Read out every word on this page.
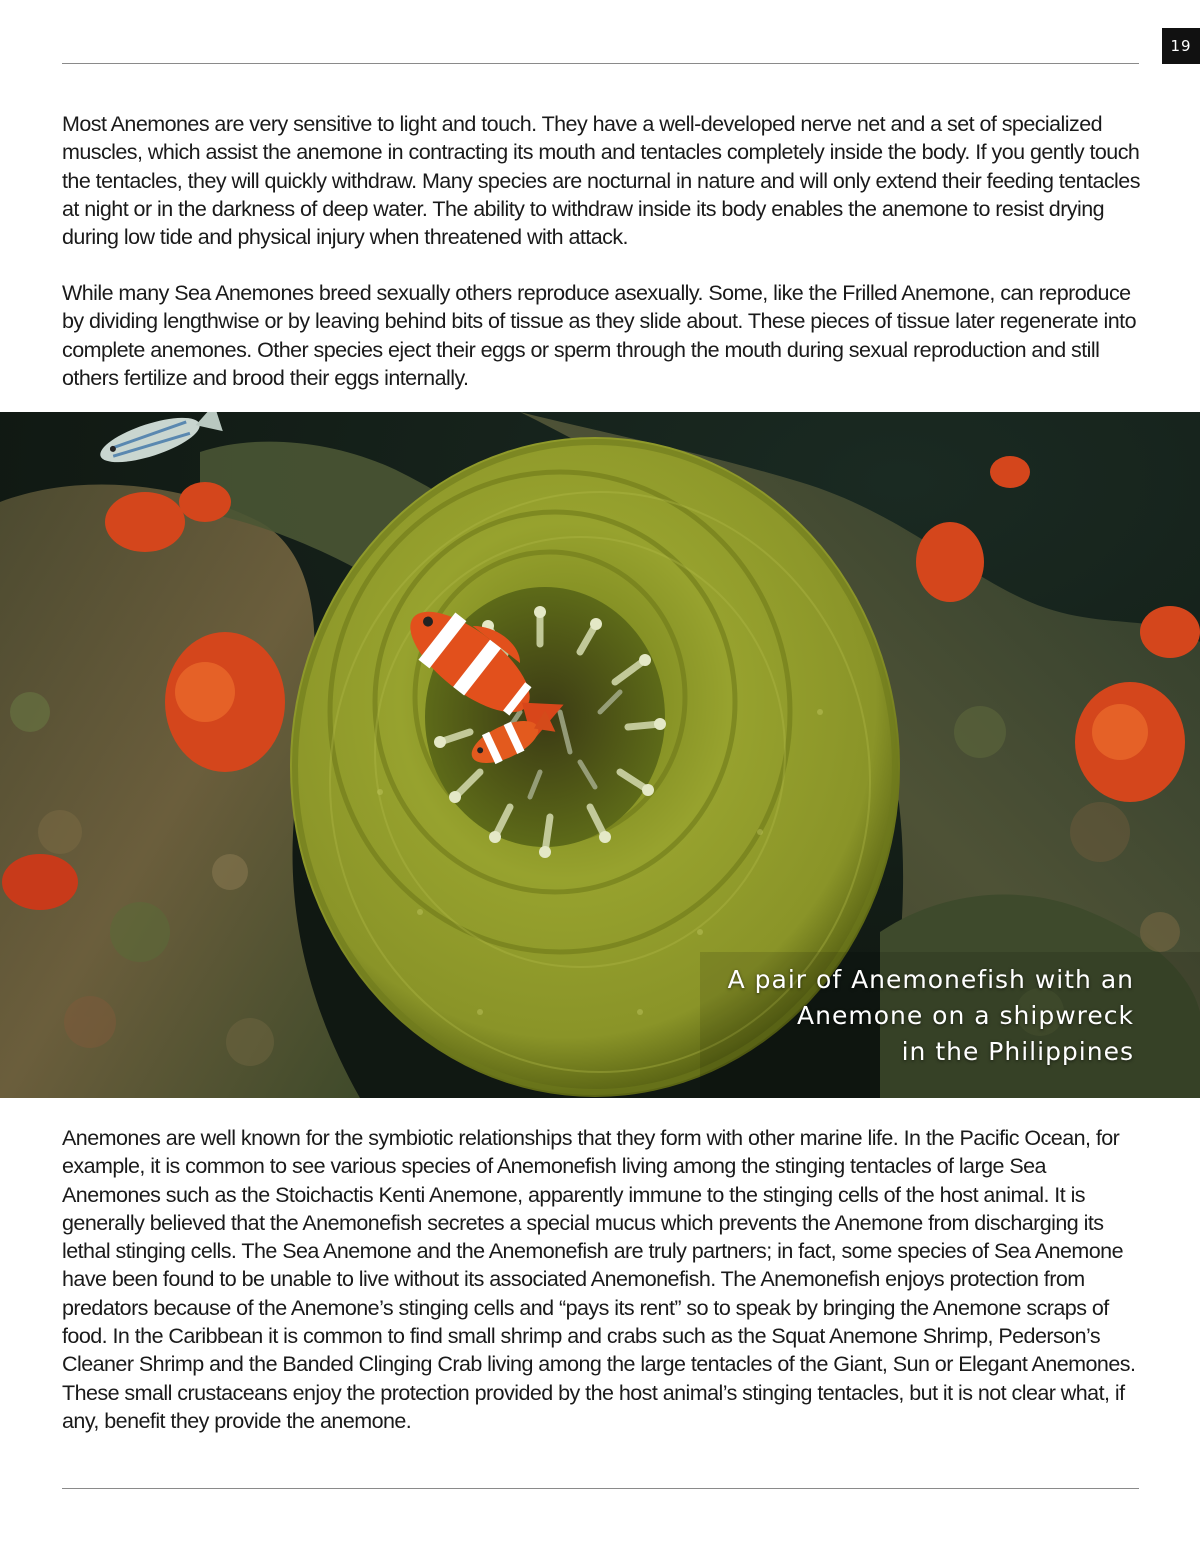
19

Most Anemones are very sensitive to light and touch. They have a well-developed nerve net and a set of specialized muscles, which assist the anemone in contracting its mouth and tentacles completely inside the body. If you gently touch the tentacles, they will quickly withdraw. Many species are nocturnal in nature and will only extend their feeding tentacles at night or in the darkness of deep water. The ability to withdraw inside its body enables the anemone to resist drying during low tide and physical injury when threatened with attack.

While many Sea Anemones breed sexually others reproduce asexually. Some, like the Frilled Anemone, can reproduce by dividing lengthwise or by leaving behind bits of tissue as they slide about. These pieces of tissue later regenerate into complete anemones. Other species eject their eggs or sperm through the mouth during sexual reproduction and still others fertilize and brood their eggs internally.

A pair of Anemonefish with an
Anemone on a shipwreck
in the Philippines

Anemones are well known for the symbiotic relationships that they form with other marine life. In the Pacific Ocean, for example, it is common to see various species of Anemonefish living among the stinging tentacles of large Sea Anemones such as the Stoichactis Kenti Anemone, apparently immune to the stinging cells of the host animal. It is generally believed that the Anemonefish secretes a special mucus which prevents the Anemone from discharging its lethal stinging cells. The Sea Anemone and the Anemonefish are truly partners; in fact, some species of Sea Anemone have been found to be unable to live without its associated Anemonefish. The Anemonefish enjoys protection from predators because of the Anemone’s stinging cells and “pays its rent” so to speak by bringing the Anemone scraps of food. In the Caribbean it is common to find small shrimp and crabs such as the Squat Anemone Shrimp, Pederson’s Cleaner Shrimp and the Banded Clinging Crab living among the large tentacles of the Giant, Sun or Elegant Anemones. These small crustaceans enjoy the protection provided by the host animal’s stinging tentacles, but it is not clear what, if any, benefit they provide the anemone.
